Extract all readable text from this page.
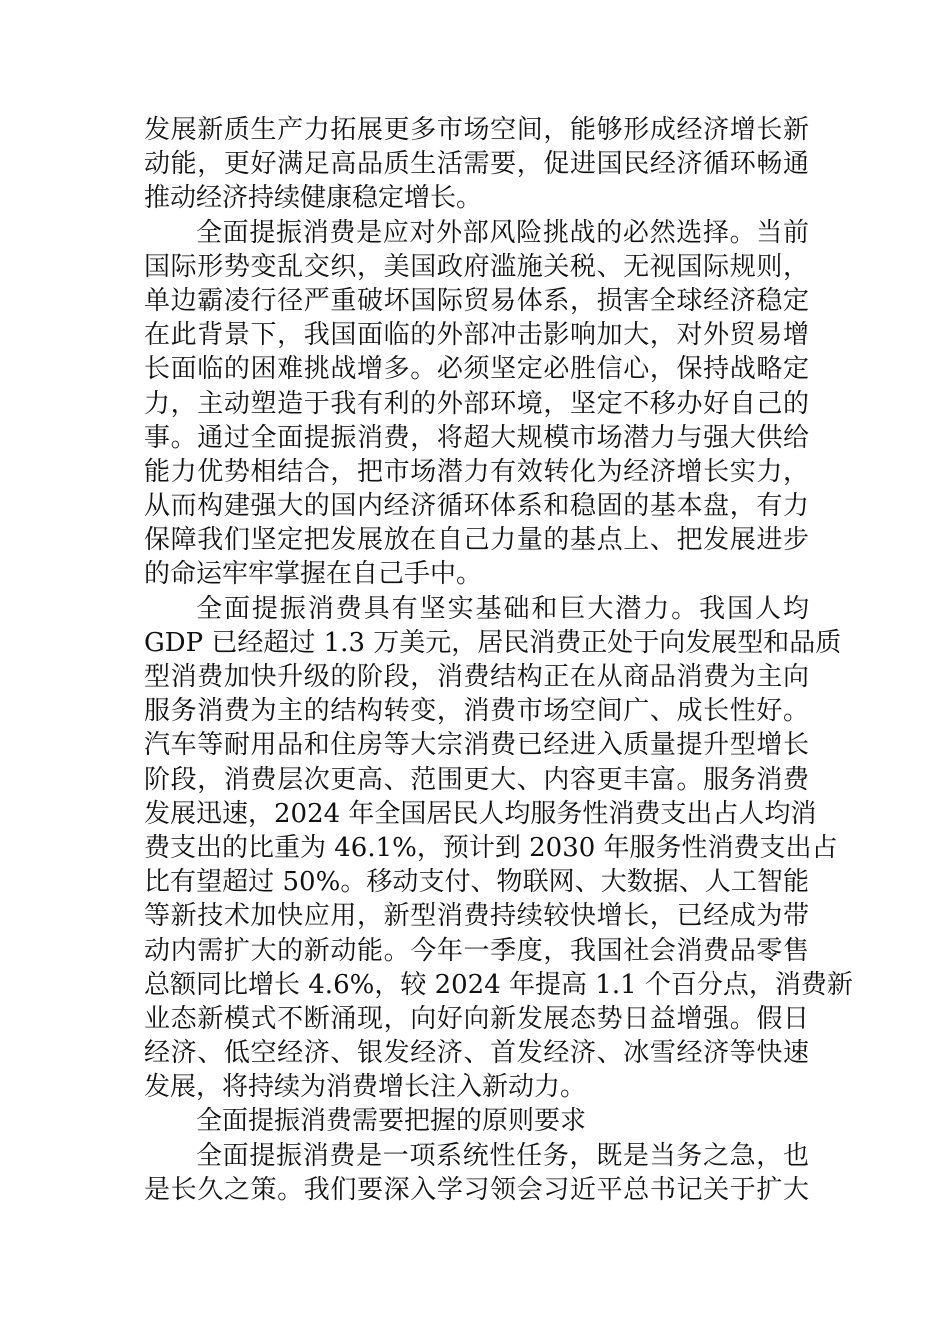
发展新质生产力拓展更多市场空间，能够形成经济增长新
动能，更好满足高品质生活需要，促进国民经济循环畅通
推动经济持续健康稳定增长。
全面提振消费是应对外部风险挑战的必然选择。当前
国际形势变乱交织，美国政府滥施关税、无视国际规则，
单边霸凌行径严重破坏国际贸易体系，损害全球经济稳定
在此背景下，我国面临的外部冲击影响加大，对外贸易增
长面临的困难挑战增多。必须坚定必胜信心，保持战略定
力，主动塑造于我有利的外部环境，坚定不移办好自己的
事。通过全面提振消费，将超大规模市场潜力与强大供给
能力优势相结合，把市场潜力有效转化为经济增长实力，
从而构建强大的国内经济循环体系和稳固的基本盘，有力
保障我们坚定把发展放在自己力量的基点上、把发展进步
的命运牢牢掌握在自己手中。
全面提振消费具有坚实基础和巨大潜力。我国人均
GDP 已经超过 1.3 万美元，居民消费正处于向发展型和品质
型消费加快升级的阶段，消费结构正在从商品消费为主向
服务消费为主的结构转变，消费市场空间广、成长性好。
汽车等耐用品和住房等大宗消费已经进入质量提升型增长
阶段，消费层次更高、范围更大、内容更丰富。服务消费
发展迅速，2024 年全国居民人均服务性消费支出占人均消
费支出的比重为 46.1%，预计到 2030 年服务性消费支出占
比有望超过 50%。移动支付、物联网、大数据、人工智能
等新技术加快应用，新型消费持续较快增长，已经成为带
动内需扩大的新动能。今年一季度，我国社会消费品零售
总额同比增长 4.6%，较 2024 年提高 1.1 个百分点，消费新
业态新模式不断涌现，向好向新发展态势日益增强。假日
经济、低空经济、银发经济、首发经济、冰雪经济等快速
发展，将持续为消费增长注入新动力。
全面提振消费需要把握的原则要求
全面提振消费是一项系统性任务，既是当务之急，也
是长久之策。我们要深入学习领会习近平总书记关于扩大
